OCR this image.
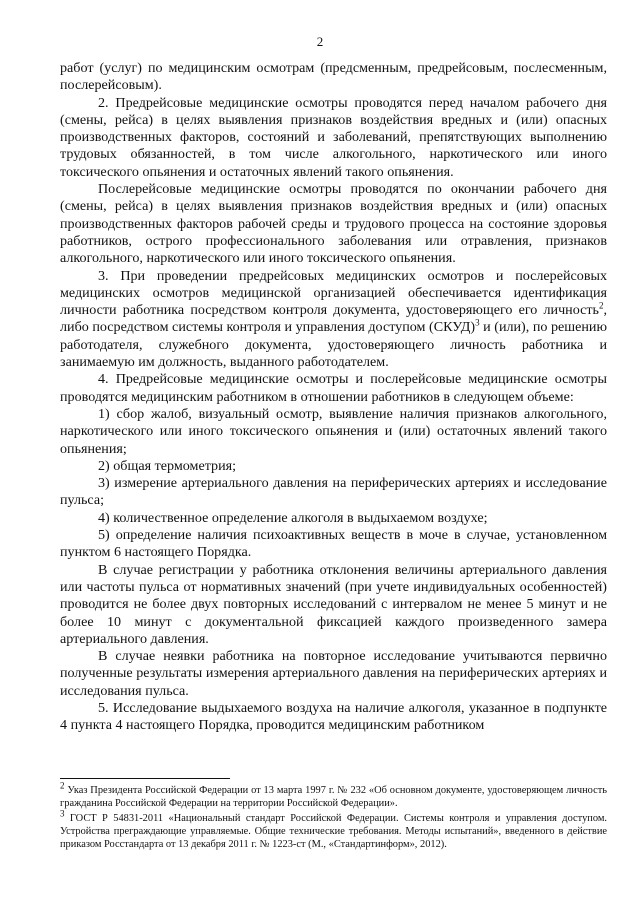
2

работ (услуг) по медицинским осмотрам (предсменным, предрейсовым, послесменным, послерейсовым).

2. Предрейсовые медицинские осмотры проводятся перед началом рабочего дня (смены, рейса) в целях выявления признаков воздействия вредных и (или) опасных производственных факторов, состояний и заболеваний, препятствующих выполнению трудовых обязанностей, в том числе алкогольного, наркотического или иного токсического опьянения и остаточных явлений такого опьянения.

Послерейсовые медицинские осмотры проводятся по окончании рабочего дня (смены, рейса) в целях выявления признаков воздействия вредных и (или) опасных производственных факторов рабочей среды и трудового процесса на состояние здоровья работников, острого профессионального заболевания или отравления, признаков алкогольного, наркотического или иного токсического опьянения.

3. При проведении предрейсовых медицинских осмотров и послерейсовых медицинских осмотров медицинской организацией обеспечивается идентификация личности работника посредством контроля документа, удостоверяющего его личность$^2$, либо посредством системы контроля и управления доступом (СКУД)$^3$ и (или), по решению работодателя, служебного документа, удостоверяющего личность работника и занимаемую им должность, выданного работодателем.

4. Предрейсовые медицинские осмотры и послерейсовые медицинские осмотры проводятся медицинским работником в отношении работников в следующем объеме:

1) сбор жалоб, визуальный осмотр, выявление наличия признаков алкогольного, наркотического или иного токсического опьянения и (или) остаточных явлений такого опьянения;

2) общая термометрия;

3) измерение артериального давления на периферических артериях и исследование пульса;

4) количественное определение алкоголя в выдыхаемом воздухе;

5) определение наличия психоактивных веществ в моче в случае, установленном пунктом 6 настоящего Порядка.

В случае регистрации у работника отклонения величины артериального давления или частоты пульса от нормативных значений (при учете индивидуальных особенностей) проводится не более двух повторных исследований с интервалом не менее 5 минут и не более 10 минут с документальной фиксацией каждого произведенного замера артериального давления.

В случае неявки работника на повторное исследование учитываются первично полученные результаты измерения артериального давления на периферических артериях и исследования пульса.

5. Исследование выдыхаемого воздуха на наличие алкоголя, указанное в подпункте 4 пункта 4 настоящего Порядка, проводится медицинским работником

$^2$ Указ Президента Российской Федерации от 13 марта 1997 г. № 232 «Об основном документе, удостоверяющем личность гражданина Российской Федерации на территории Российской Федерации».

$^3$ ГОСТ Р 54831-2011 «Национальный стандарт Российской Федерации. Системы контроля и управления доступом. Устройства преграждающие управляемые. Общие технические требования. Методы испытаний», введенного в действие приказом Росстандарта от 13 декабря 2011 г. № 1223-ст (М., «Стандартинформ», 2012).
